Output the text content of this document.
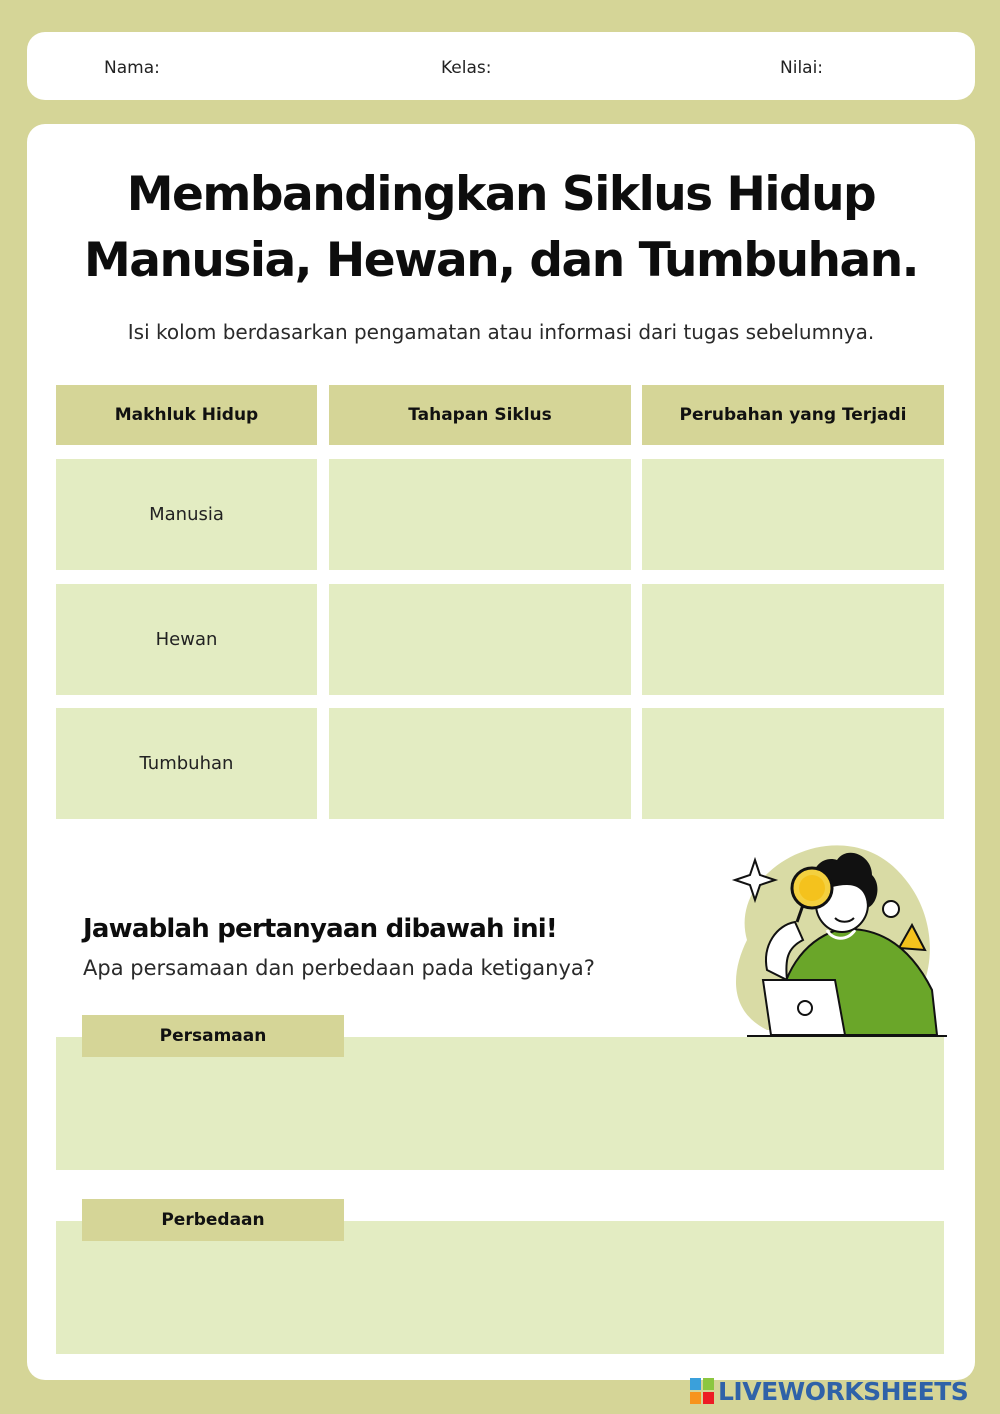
Nama:	Kelas:	Nilai:
Membandingkan Siklus Hidup
Manusia, Hewan, dan Tumbuhan.
Isi kolom berdasarkan pengamatan atau informasi dari tugas sebelumnya.
Makhluk Hidup	Tahapan Siklus	Perubahan yang Terjadi
Manusia
Hewan
Tumbuhan
Jawablah pertanyaan dibawah ini!
Apa persamaan dan perbedaan pada ketiganya?
Persamaan
Perbedaan
LIVEWORKSHEETS
